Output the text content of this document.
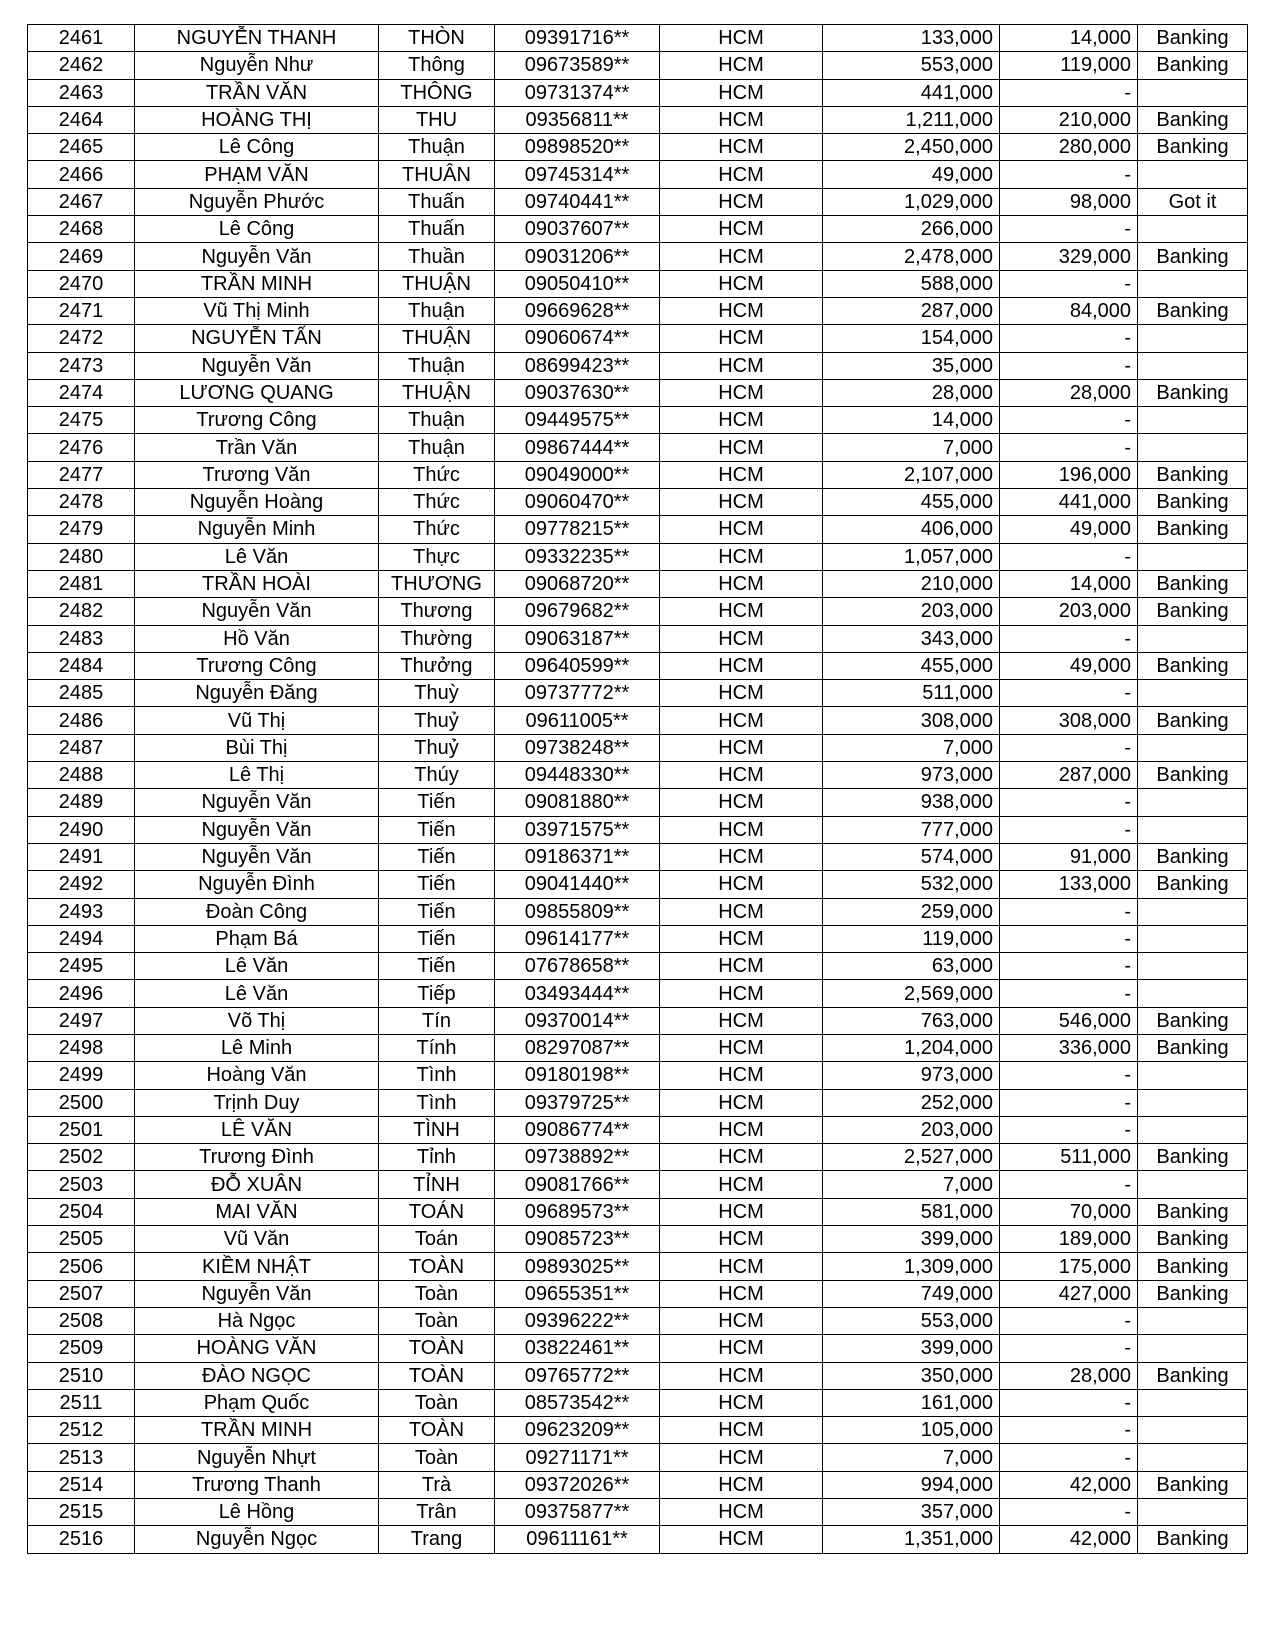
2461	NGUYỄN THANH	THÒN	09391716**	HCM	133,000	14,000	Banking
2462	Nguyễn Như	Thông	09673589**	HCM	553,000	119,000	Banking
2463	TRẦN VĂN	THÔNG	09731374**	HCM	441,000	-	
2464	HOÀNG THỊ	THU	09356811**	HCM	1,211,000	210,000	Banking
2465	Lê Công	Thuận	09898520**	HCM	2,450,000	280,000	Banking
2466	PHẠM VĂN	THUÂN	09745314**	HCM	49,000	-	
2467	Nguyễn Phước	Thuấn	09740441**	HCM	1,029,000	98,000	Got it
2468	Lê Công	Thuấn	09037607**	HCM	266,000	-	
2469	Nguyễn Văn	Thuần	09031206**	HCM	2,478,000	329,000	Banking
2470	TRẦN MINH	THUẬN	09050410**	HCM	588,000	-	
2471	Vũ Thị Minh	Thuận	09669628**	HCM	287,000	84,000	Banking
2472	NGUYỄN TẤN	THUẬN	09060674**	HCM	154,000	-	
2473	Nguyễn Văn	Thuận	08699423**	HCM	35,000	-	
2474	LƯƠNG QUANG	THUẬN	09037630**	HCM	28,000	28,000	Banking
2475	Trương Công	Thuận	09449575**	HCM	14,000	-	
2476	Trần Văn	Thuận	09867444**	HCM	7,000	-	
2477	Trương Văn	Thức	09049000**	HCM	2,107,000	196,000	Banking
2478	Nguyễn Hoàng	Thức	09060470**	HCM	455,000	441,000	Banking
2479	Nguyễn Minh	Thức	09778215**	HCM	406,000	49,000	Banking
2480	Lê Văn	Thực	09332235**	HCM	1,057,000	-	
2481	TRẦN HOÀI	THƯƠNG	09068720**	HCM	210,000	14,000	Banking
2482	Nguyễn Văn	Thương	09679682**	HCM	203,000	203,000	Banking
2483	Hồ Văn	Thường	09063187**	HCM	343,000	-	
2484	Trương Công	Thưởng	09640599**	HCM	455,000	49,000	Banking
2485	Nguyễn Đăng	Thuỳ	09737772**	HCM	511,000	-	
2486	Vũ Thị	Thuỷ	09611005**	HCM	308,000	308,000	Banking
2487	Bùi Thị	Thuỷ	09738248**	HCM	7,000	-	
2488	Lê Thị	Thúy	09448330**	HCM	973,000	287,000	Banking
2489	Nguyễn Văn	Tiến	09081880**	HCM	938,000	-	
2490	Nguyễn Văn	Tiến	03971575**	HCM	777,000	-	
2491	Nguyễn Văn	Tiến	09186371**	HCM	574,000	91,000	Banking
2492	Nguyễn Đình	Tiến	09041440**	HCM	532,000	133,000	Banking
2493	Đoàn Công	Tiến	09855809**	HCM	259,000	-	
2494	Phạm Bá	Tiến	09614177**	HCM	119,000	-	
2495	Lê Văn	Tiến	07678658**	HCM	63,000	-	
2496	Lê Văn	Tiếp	03493444**	HCM	2,569,000	-	
2497	Võ Thị	Tín	09370014**	HCM	763,000	546,000	Banking
2498	Lê Minh	Tính	08297087**	HCM	1,204,000	336,000	Banking
2499	Hoàng Văn	Tình	09180198**	HCM	973,000	-	
2500	Trịnh Duy	Tình	09379725**	HCM	252,000	-	
2501	LÊ VĂN	TÌNH	09086774**	HCM	203,000	-	
2502	Trương Đình	Tỉnh	09738892**	HCM	2,527,000	511,000	Banking
2503	ĐỖ XUÂN	TỈNH	09081766**	HCM	7,000	-	
2504	MAI VĂN	TOÁN	09689573**	HCM	581,000	70,000	Banking
2505	Vũ Văn	Toán	09085723**	HCM	399,000	189,000	Banking
2506	KIỀM NHẬT	TOÀN	09893025**	HCM	1,309,000	175,000	Banking
2507	Nguyễn Văn	Toàn	09655351**	HCM	749,000	427,000	Banking
2508	Hà Ngọc	Toàn	09396222**	HCM	553,000	-	
2509	HOÀNG VĂN	TOÀN	03822461**	HCM	399,000	-	
2510	ĐÀO NGỌC	TOÀN	09765772**	HCM	350,000	28,000	Banking
2511	Phạm Quốc	Toàn	08573542**	HCM	161,000	-	
2512	TRẦN MINH	TOÀN	09623209**	HCM	105,000	-	
2513	Nguyễn Nhựt	Toàn	09271171**	HCM	7,000	-	
2514	Trương Thanh	Trà	09372026**	HCM	994,000	42,000	Banking
2515	Lê Hồng	Trân	09375877**	HCM	357,000	-	
2516	Nguyễn Ngọc	Trang	09611161**	HCM	1,351,000	42,000	Banking
